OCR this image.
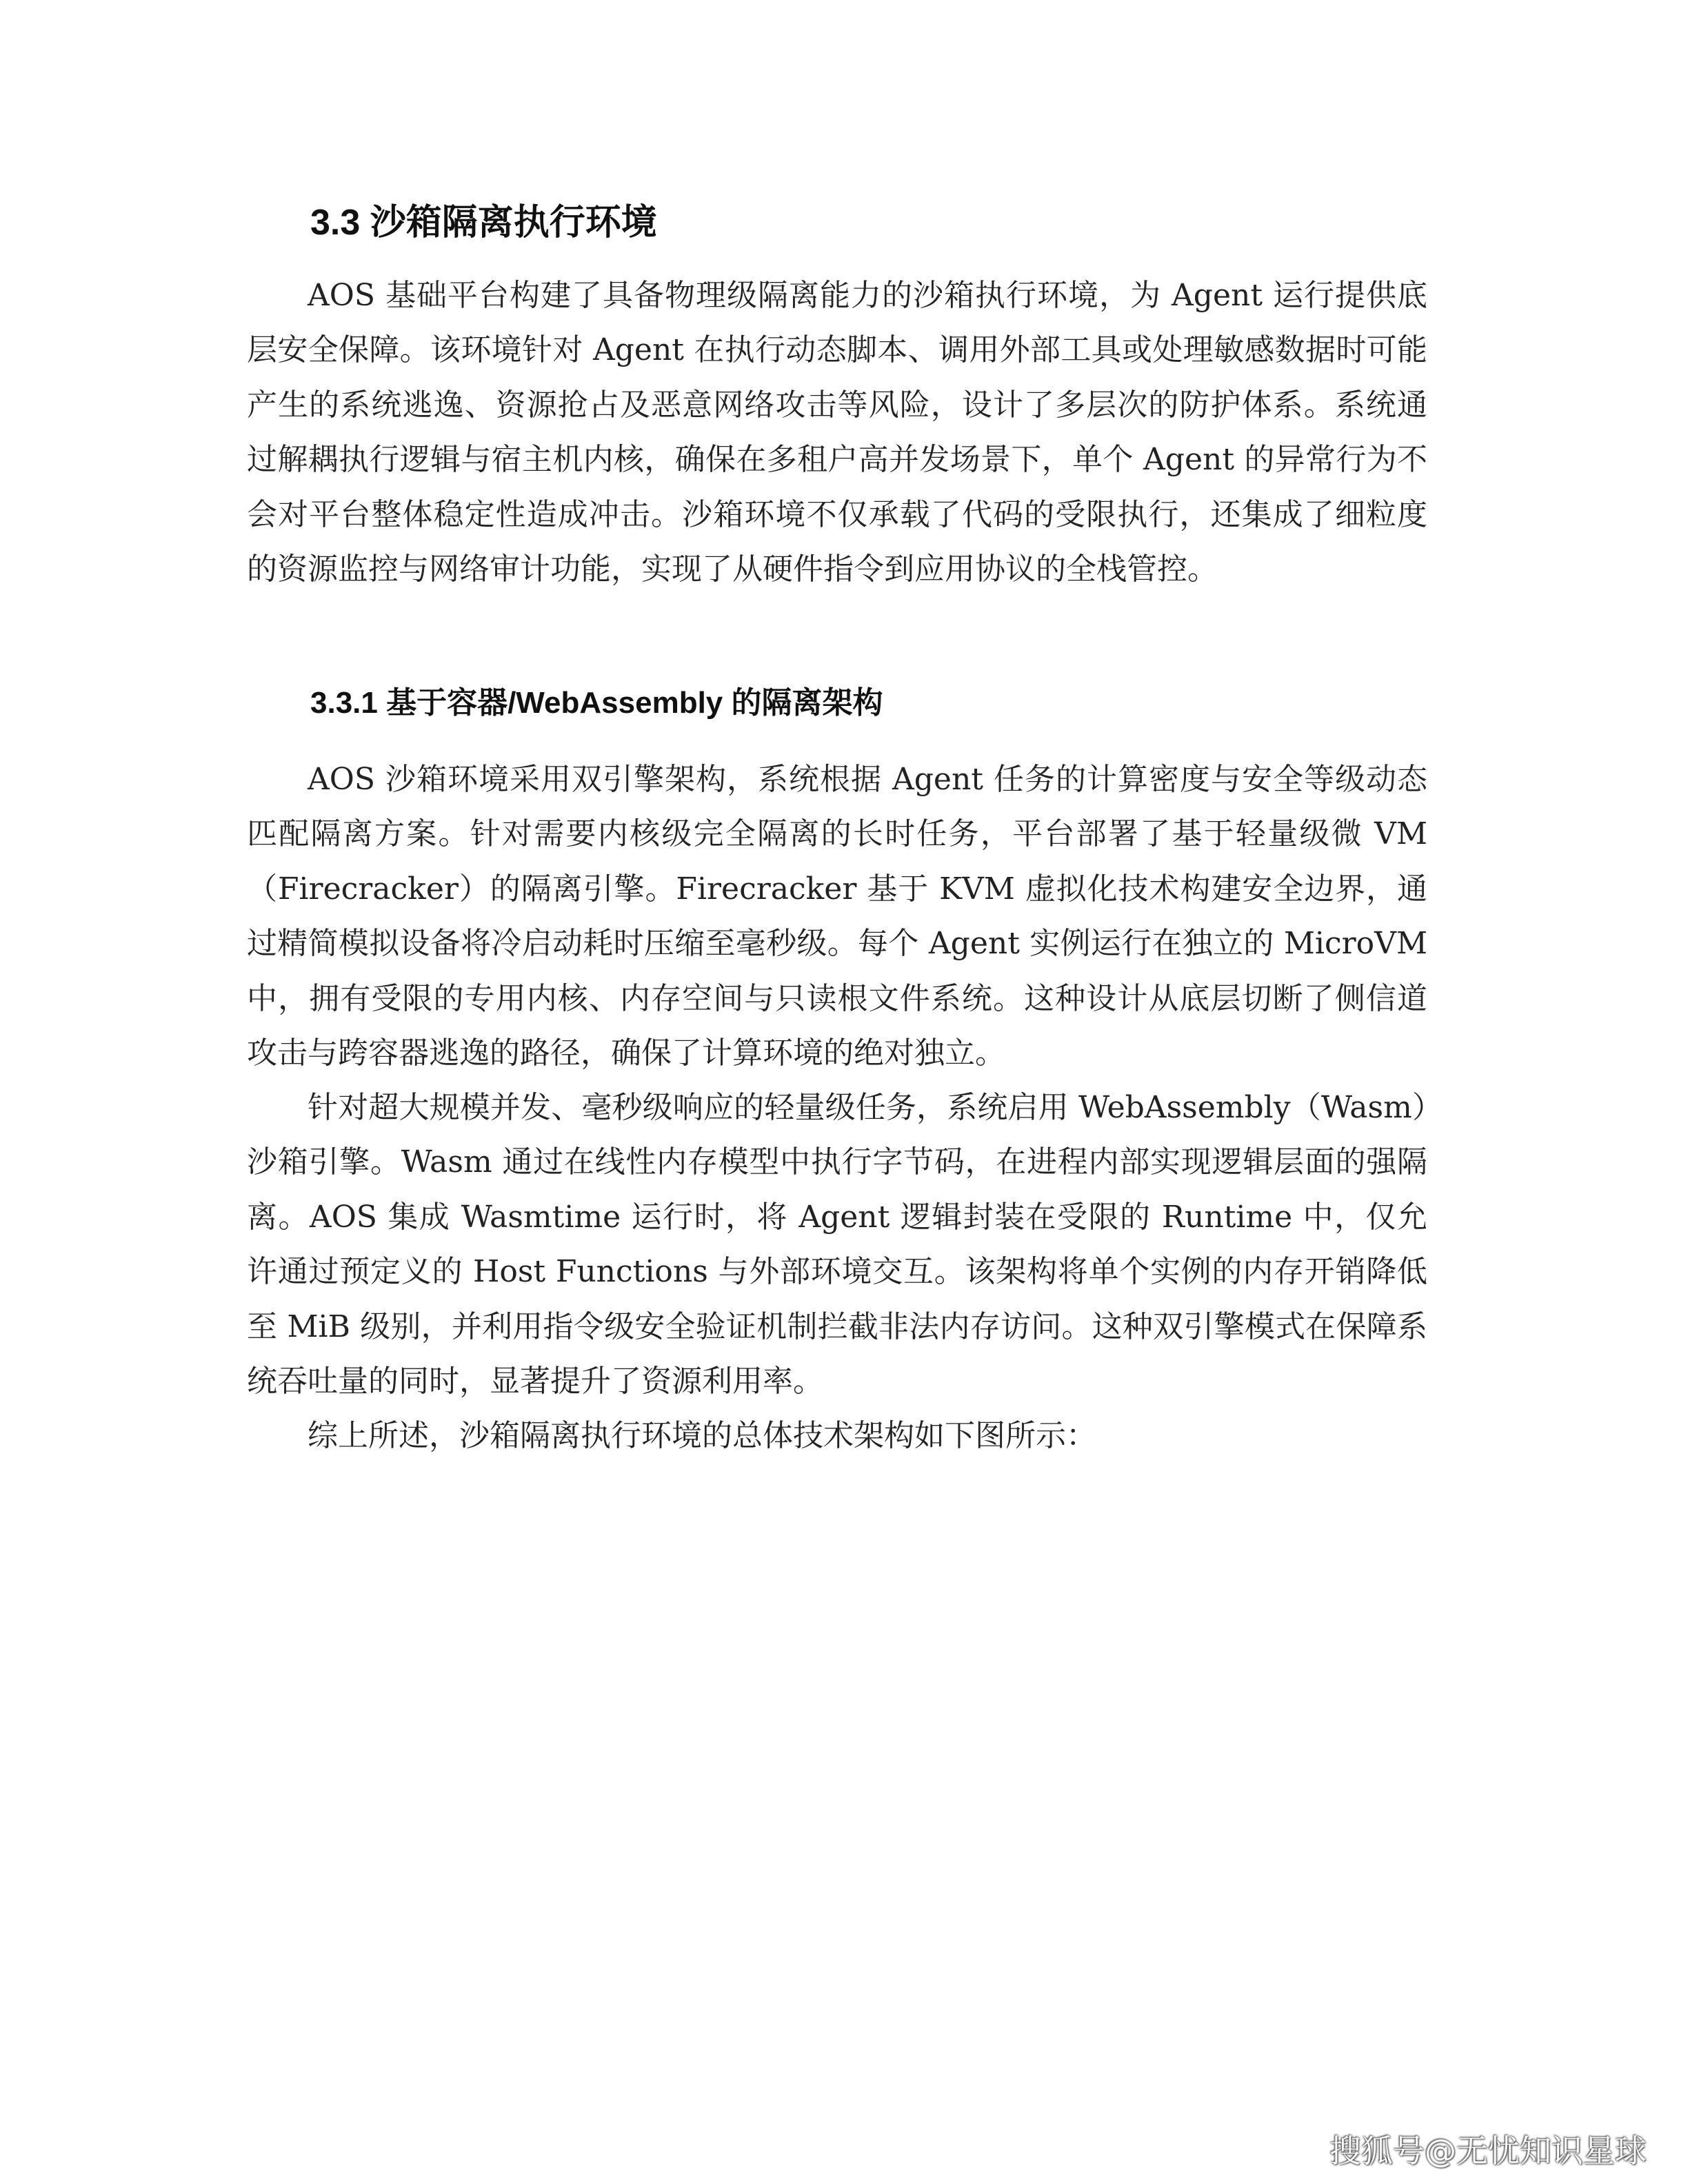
3.3 沙箱隔离执行环境

AOS 基础平台构建了具备物理级隔离能力的沙箱执行环境，为 Agent 运行提供底层安全保障。该环境针对 Agent 在执行动态脚本、调用外部工具或处理敏感数据时可能产生的系统逃逸、资源抢占及恶意网络攻击等风险，设计了多层次的防护体系。系统通过解耦执行逻辑与宿主机内核，确保在多租户高并发场景下，单个 Agent 的异常行为不会对平台整体稳定性造成冲击。沙箱环境不仅承载了代码的受限执行，还集成了细粒度的资源监控与网络审计功能，实现了从硬件指令到应用协议的全栈管控。

3.3.1 基于容器/WebAssembly 的隔离架构

AOS 沙箱环境采用双引擎架构，系统根据 Agent 任务的计算密度与安全等级动态匹配隔离方案。针对需要内核级完全隔离的长时任务，平台部署了基于轻量级微 VM（Firecracker）的隔离引擎。Firecracker 基于 KVM 虚拟化技术构建安全边界，通过精简模拟设备将冷启动耗时压缩至毫秒级。每个 Agent 实例运行在独立的 MicroVM 中，拥有受限的专用内核、内存空间与只读根文件系统。这种设计从底层切断了侧信道攻击与跨容器逃逸的路径，确保了计算环境的绝对独立。

针对超大规模并发、毫秒级响应的轻量级任务，系统启用 WebAssembly（Wasm）沙箱引擎。Wasm 通过在线性内存模型中执行字节码，在进程内部实现逻辑层面的强隔离。AOS 集成 Wasmtime 运行时，将 Agent 逻辑封装在受限的 Runtime 中，仅允许通过预定义的 Host Functions 与外部环境交互。该架构将单个实例的内存开销降低至 MiB 级别，并利用指令级安全验证机制拦截非法内存访问。这种双引擎模式在保障系统吞吐量的同时，显著提升了资源利用率。

综上所述，沙箱隔离执行环境的总体技术架构如下图所示：

搜狐号@无忧知识星球
